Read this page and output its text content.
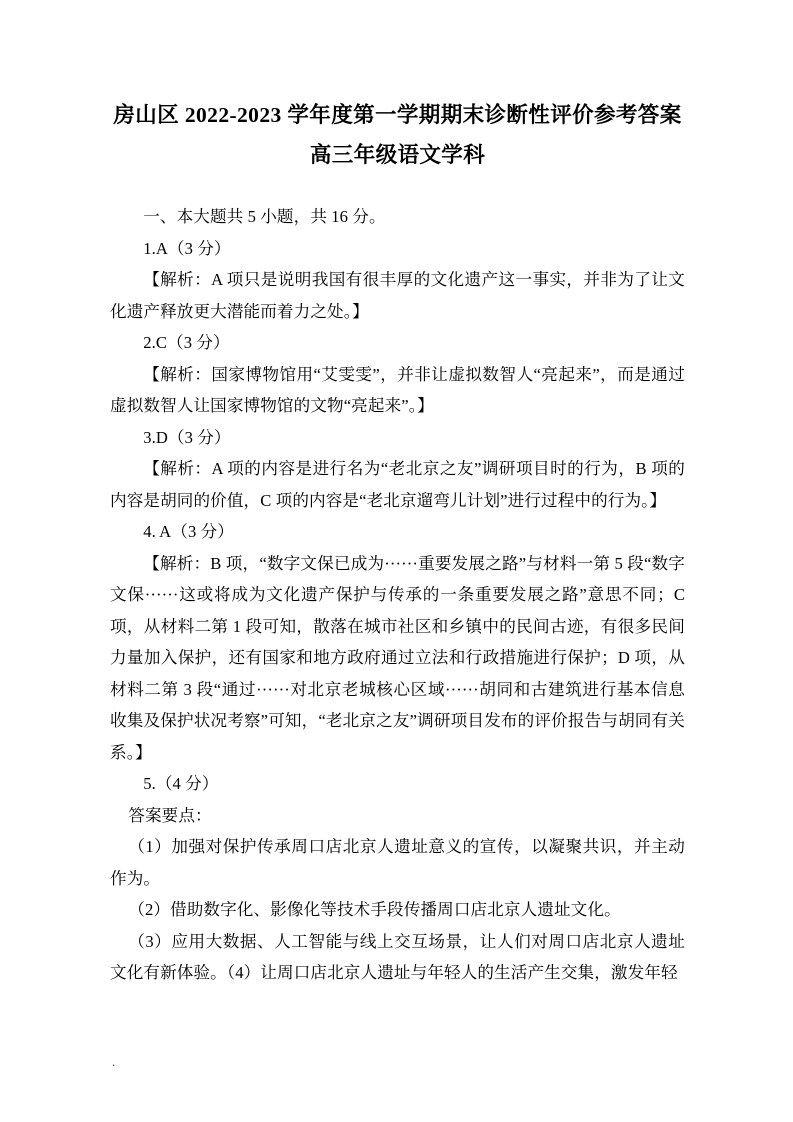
房山区 2022-2023 学年度第一学期期末诊断性评价参考答案
高三年级语文学科

一、本大题共 5 小题，共 16 分。

1.A（3 分）

【解析：A 项只是说明我国有很丰厚的文化遗产这一事实，并非为了让文化遗产释放更大潜能而着力之处。】

2.C（3 分）

【解析：国家博物馆用“艾雯雯”，并非让虚拟数智人“亮起来”，而是通过虚拟数智人让国家博物馆的文物“亮起来”。】

3.D（3 分）

【解析：A 项的内容是进行名为“老北京之友”调研项目时的行为，B 项的内容是胡同的价值，C 项的内容是“老北京遛弯儿计划”进行过程中的行为。】

4. A（3 分）

【解析：B 项，“数字文保已成为······重要发展之路”与材料一第 5 段“数字文保······这或将成为文化遗产保护与传承的一条重要发展之路”意思不同；C 项，从材料二第 1 段可知，散落在城市社区和乡镇中的民间古迹，有很多民间力量加入保护，还有国家和地方政府通过立法和行政措施进行保护；D 项，从材料二第 3 段“通过······对北京老城核心区域······胡同和古建筑进行基本信息收集及保护状况考察”可知，“老北京之友”调研项目发布的评价报告与胡同有关系。】

5.（4 分）

答案要点：

（1）加强对保护传承周口店北京人遗址意义的宣传，以凝聚共识，并主动作为。

（2）借助数字化、影像化等技术手段传播周口店北京人遗址文化。

（3）应用大数据、人工智能与线上交互场景，让人们对周口店北京人遗址文化有新体验。（4）让周口店北京人遗址与年轻人的生活产生交集，激发年轻

.
